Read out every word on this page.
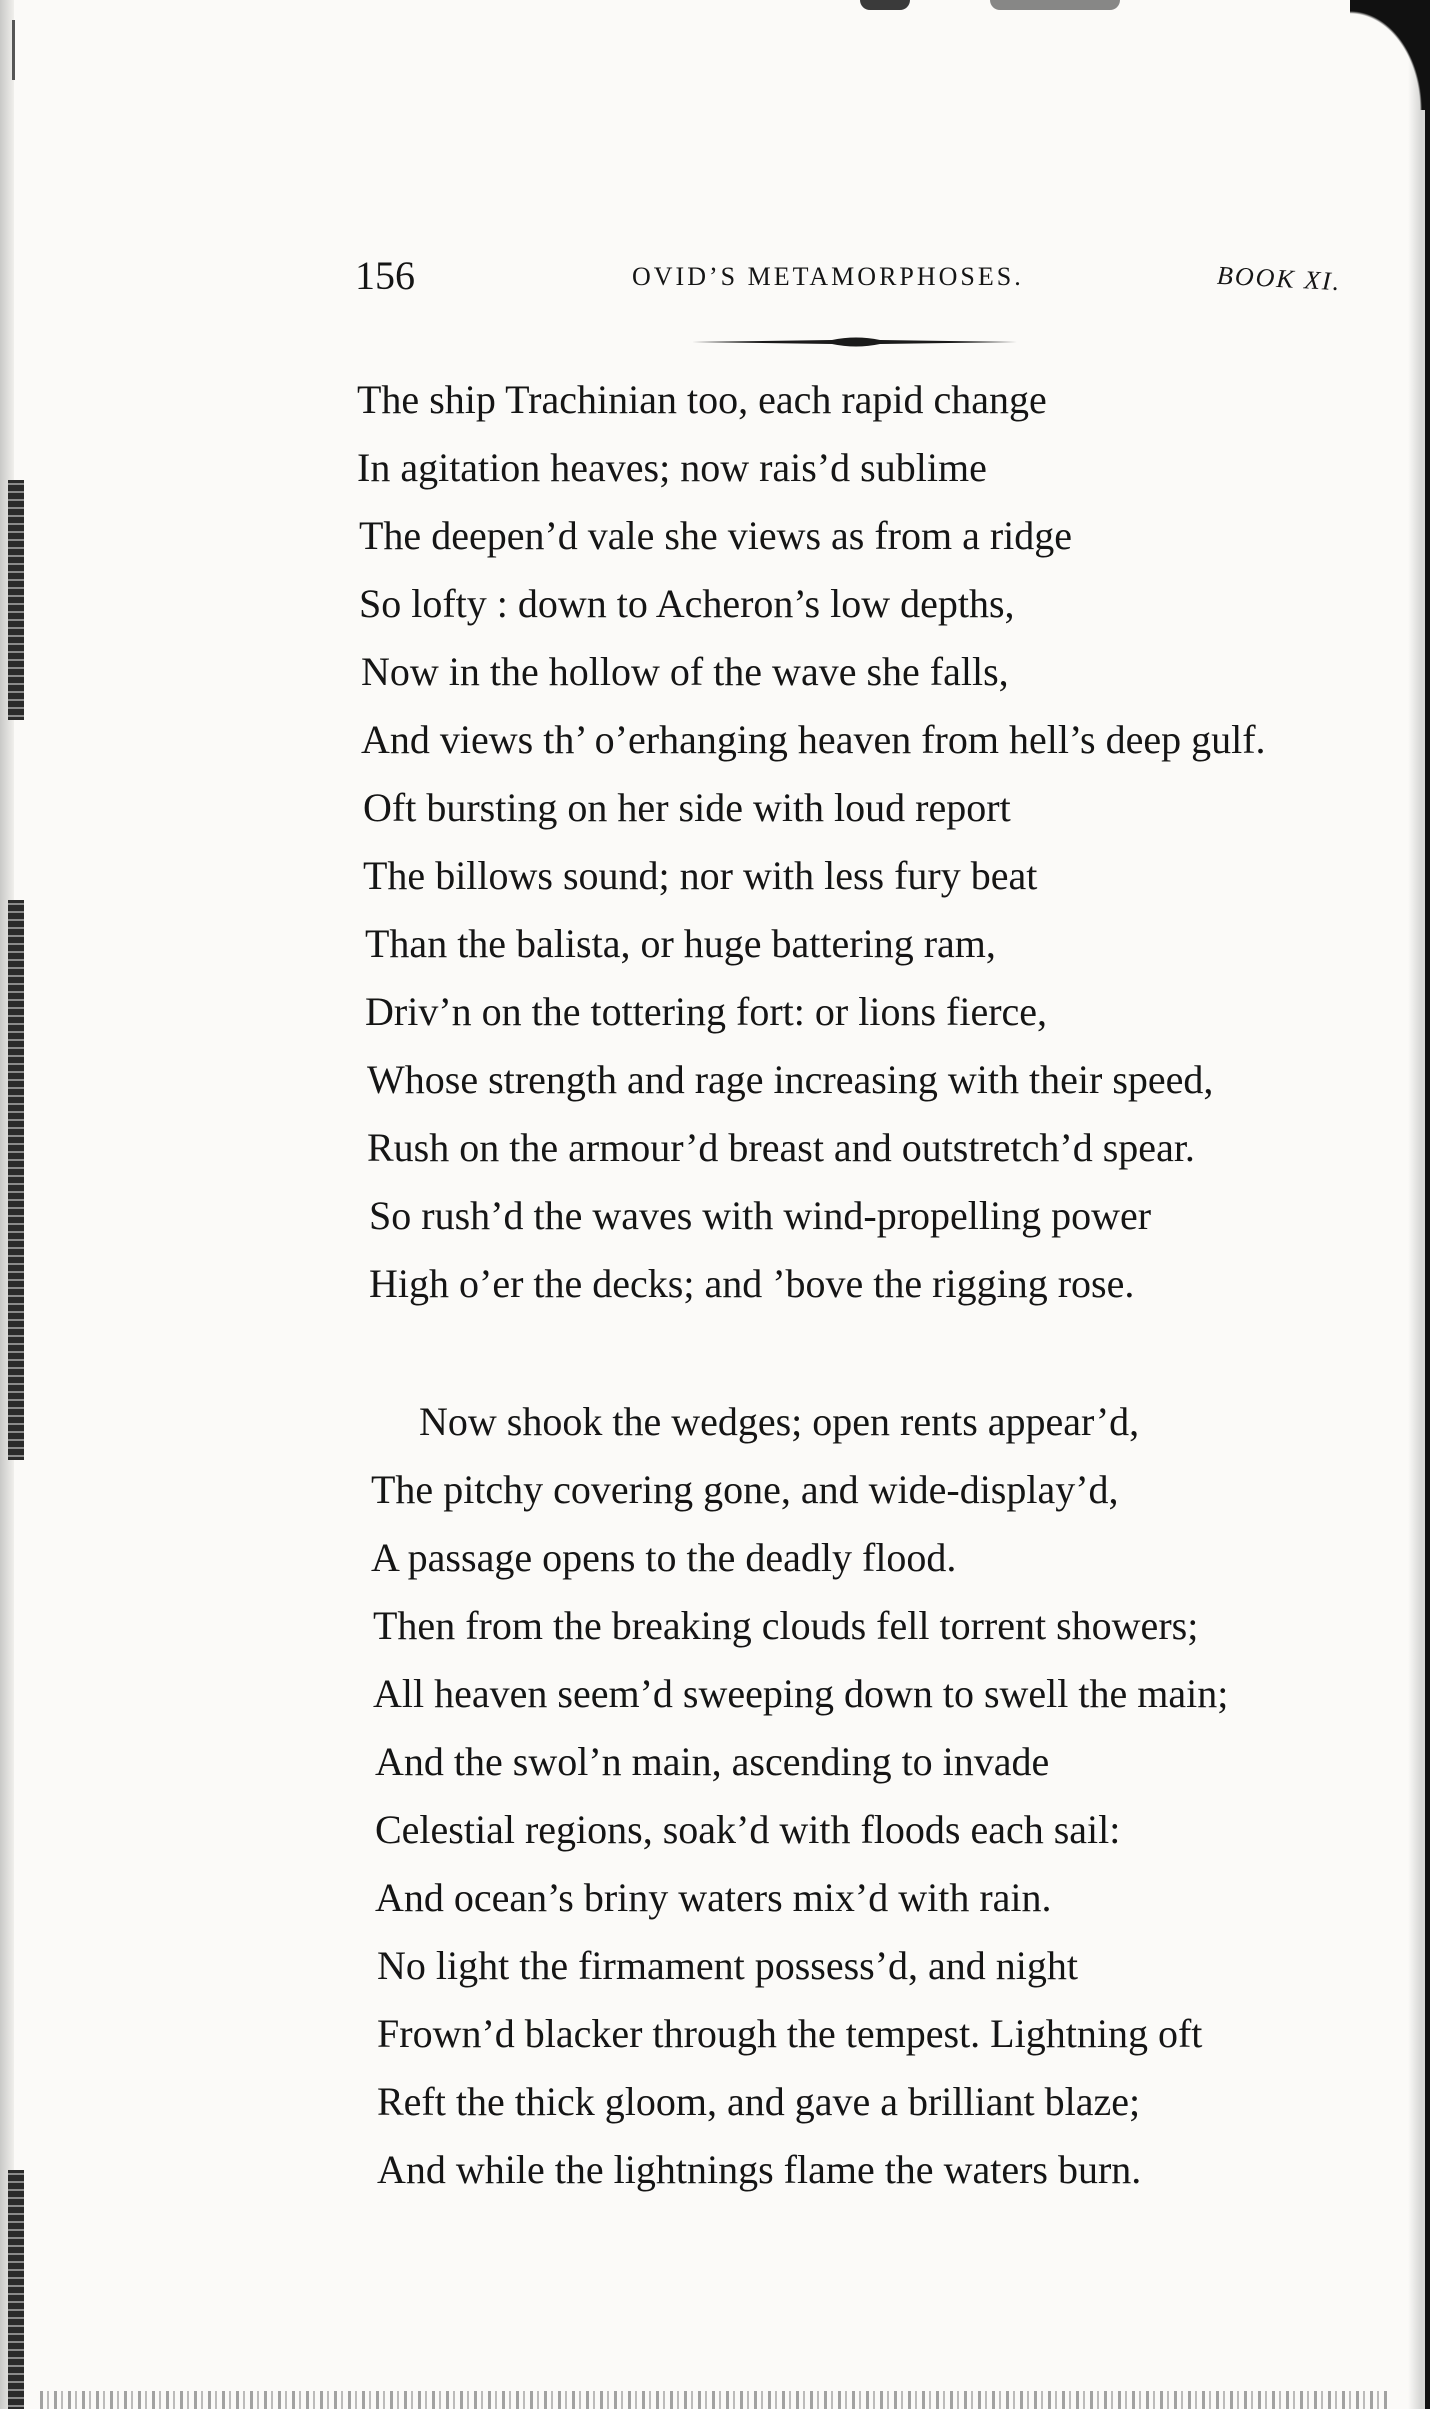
156	OVID’S METAMORPHOSES.	BOOK XI.
The ship Trachinian too, each rapid change
In agitation heaves; now rais’d sublime
The deepen’d vale she views as from a ridge
So lofty : down to Acheron’s low depths,
Now in the hollow of the wave she falls,
And views th’ o’erhanging heaven from hell’s deep gulf.
Oft bursting on her side with loud report
The billows sound; nor with less fury beat
Than the balista, or huge battering ram,
Driv’n on the tottering fort: or lions fierce,
Whose strength and rage increasing with their speed,
Rush on the armour’d breast and outstretch’d spear.
So rush’d the waves with wind-propelling power
High o’er the decks; and ’bove the rigging rose.
Now shook the wedges; open rents appear’d,
The pitchy covering gone, and wide-display’d,
A passage opens to the deadly flood.
Then from the breaking clouds fell torrent showers;
All heaven seem’d sweeping down to swell the main;
And the swol’n main, ascending to invade
Celestial regions, soak’d with floods each sail:
And ocean’s briny waters mix’d with rain.
No light the firmament possess’d, and night
Frown’d blacker through the tempest. Lightning oft
Reft the thick gloom, and gave a brilliant blaze;
And while the lightnings flame the waters burn.
